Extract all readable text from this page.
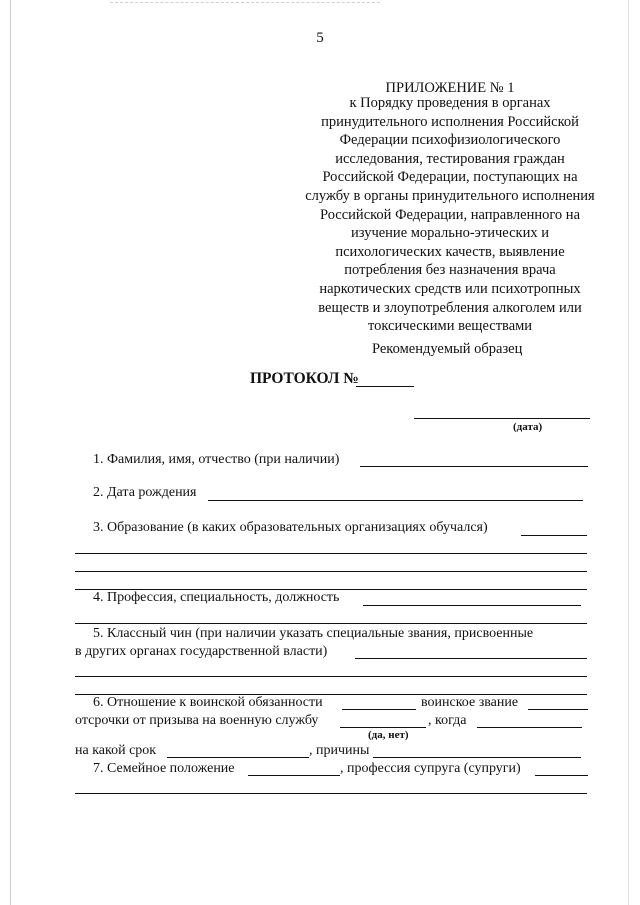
5
ПРИЛОЖЕНИЕ № 1
к Порядку проведения в органах принудительного исполнения Российской Федерации психофизиологического исследования, тестирования граждан Российской Федерации, поступающих на службу в органы принудительного исполнения Российской Федерации, направленного на изучение морально-этических и психологических качеств, выявление потребления без назначения врача наркотических средств или психотропных веществ и злоупотребления алкоголем или токсическими веществами
Рекомендуемый образец
ПРОТОКОЛ №
(дата)
1. Фамилия, имя, отчество (при наличии)
2. Дата рождения
3. Образование (в каких образовательных организациях обучался)
4. Профессия, специальность, должность
5. Классный чин (при наличии указать специальные звания, присвоенные
в других органах государственной власти)
6. Отношение к воинской обязанности	воинское звание
отсрочки от призыва на военную службу	, когда
(да, нет)
на какой срок	, причины
7. Семейное положение	, профессия супруга (супруги)
